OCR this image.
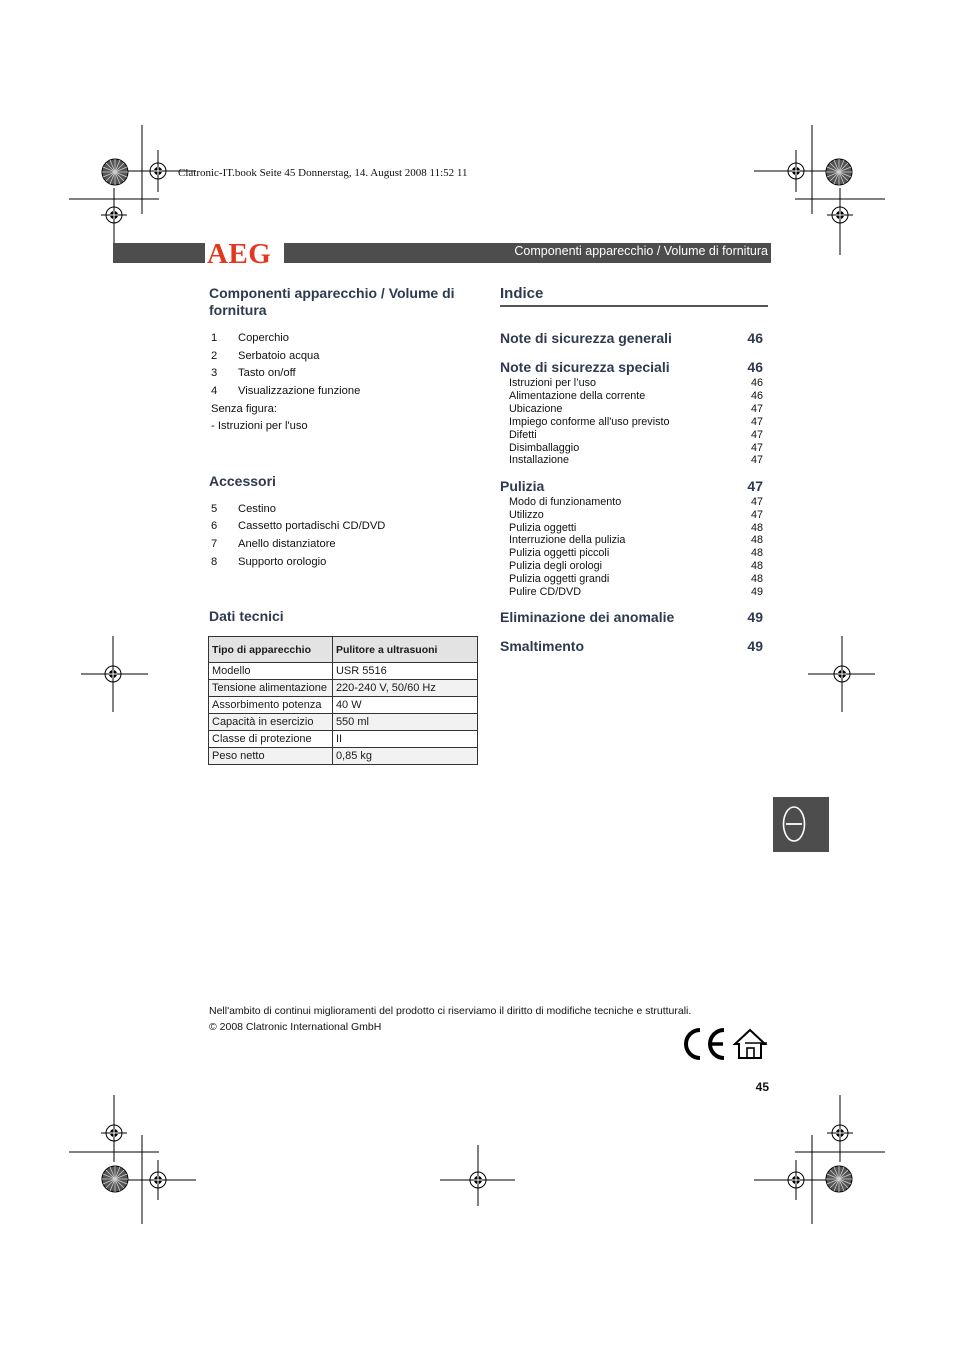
Clatronic-IT.book Seite 45 Donnerstag, 14. August 2008 11:52 11
AEG	Componenti apparecchio / Volume di fornitura
Componenti apparecchio / Volume di fornitura
1 Coperchio
2 Serbatoio acqua
3 Tasto on/off
4 Visualizzazione funzione
Senza figura:
- Istruzioni per l'uso
Accessori
5 Cestino
6 Cassetto portadischi CD/DVD
7 Anello distanziatore
8 Supporto orologio
Dati tecnici
Tipo di apparecchio	Pulitore a ultrasuoni
Modello	USR 5516
Tensione alimentazione	220-240 V, 50/60 Hz
Assorbimento potenza	40 W
Capacità in esercizio	550 ml
Classe di protezione	II
Peso netto	0,85 kg
Indice
Note di sicurezza generali	46
Note di sicurezza speciali	46
Istruzioni per l’uso	46
Alimentazione della corrente	46
Ubicazione	47
Impiego conforme all'uso previsto	47
Difetti	47
Disimballaggio	47
Installazione	47
Pulizia	47
Modo di funzionamento	47
Utilizzo	47
Pulizia oggetti	48
Interruzione della pulizia	48
Pulizia oggetti piccoli	48
Pulizia degli orologi	48
Pulizia oggetti grandi	48
Pulire CD/DVD	49
Eliminazione dei anomalie	49
Smaltimento	49
Nell'ambito di continui miglioramenti del prodotto ci riserviamo il diritto di modifiche tecniche e strutturali.
© 2008 Clatronic International GmbH
45
